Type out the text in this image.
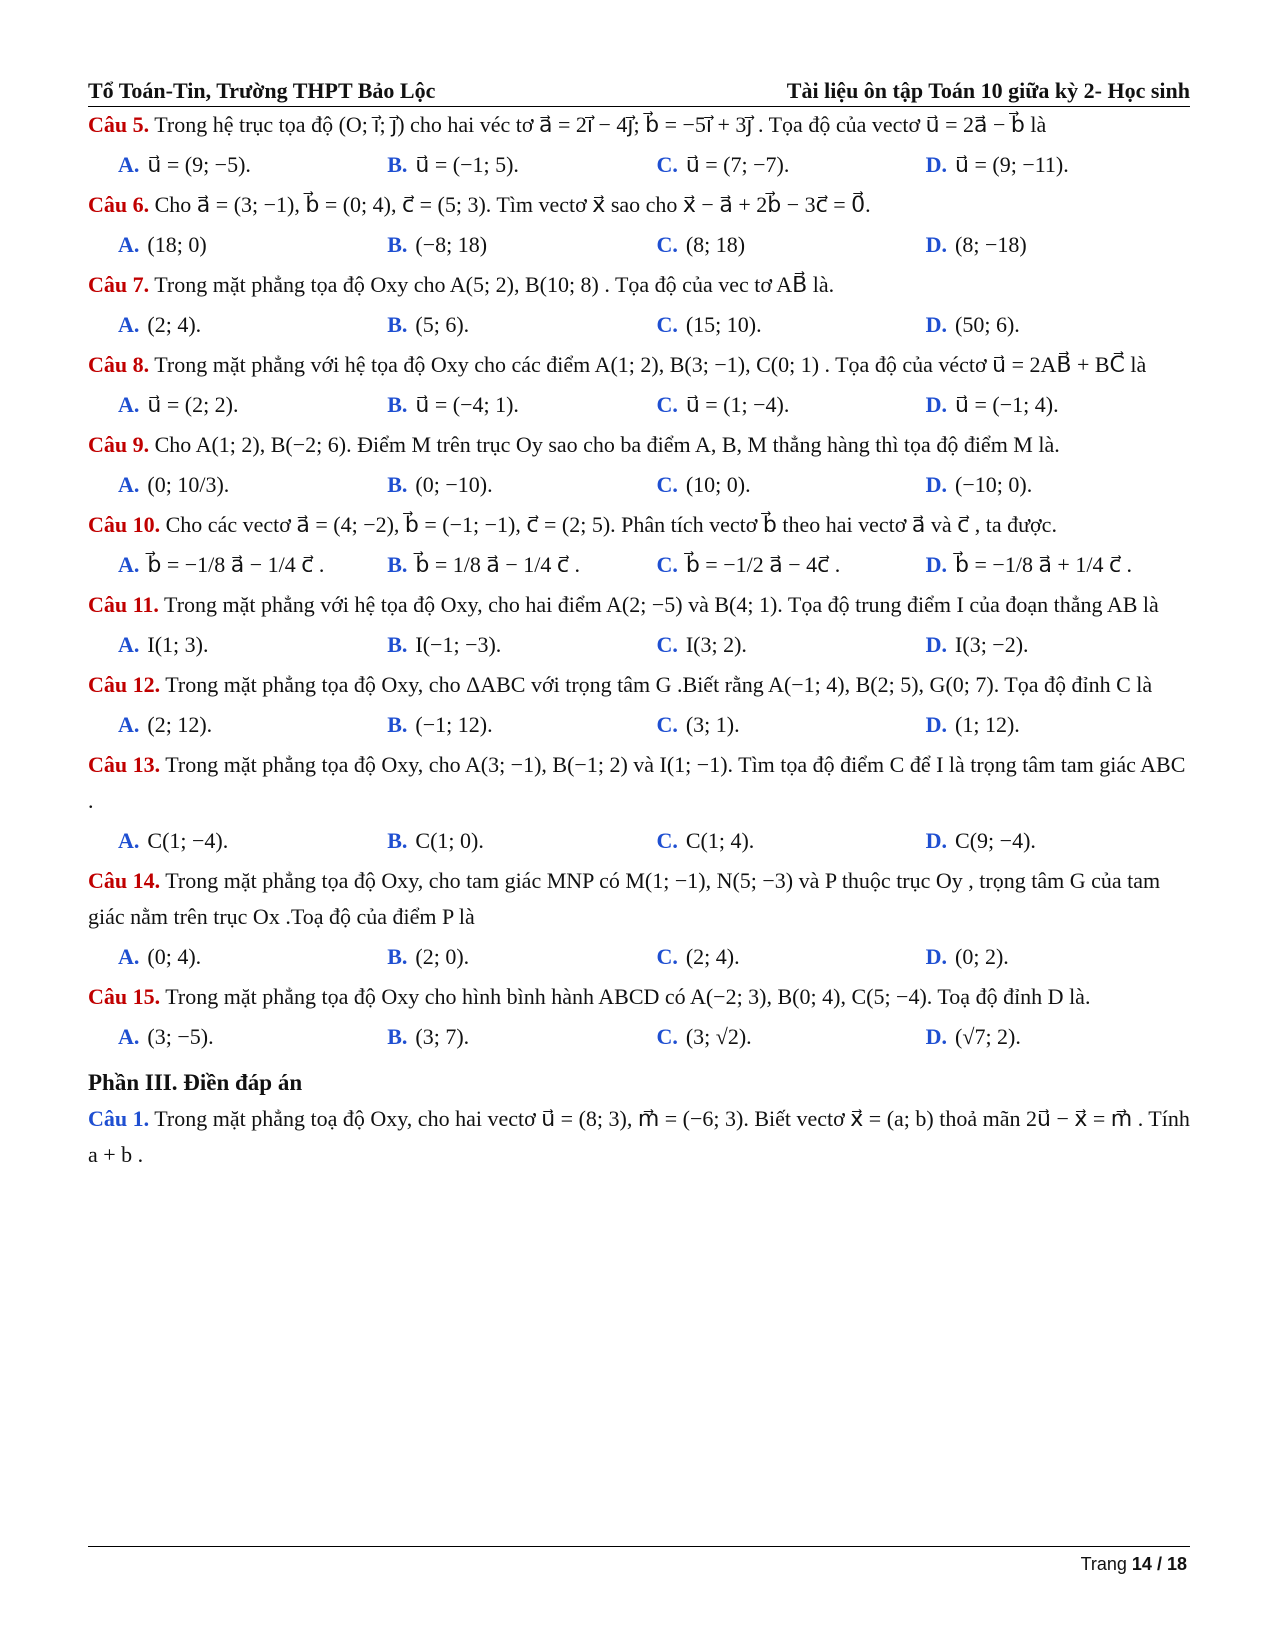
Tổ Toán-Tin, Trường THPT Bảo Lộc	Tài liệu ôn tập Toán 10 giữa kỳ 2- Học sinh

Câu 5. Trong hệ trục tọa độ (O; i⃗; j⃗) cho hai véc tơ a⃗ = 2i⃗ − 4j⃗; b⃗ = −5i⃗ + 3j⃗ . Tọa độ của vectơ u⃗ = 2a⃗ − b⃗ là

A. u⃗ = (9; −5).	B. u⃗ = (−1; 5).	C. u⃗ = (7; −7).	D. u⃗ = (9; −11).

Câu 6. Cho a⃗ = (3; −1), b⃗ = (0; 4), c⃗ = (5; 3). Tìm vectơ x⃗ sao cho x⃗ − a⃗ + 2b⃗ − 3c⃗ = 0⃗.

A. (18; 0)	B. (−8; 18)	C. (8; 18)	D. (8; −18)

Câu 7. Trong mặt phẳng tọa độ Oxy cho A(5; 2), B(10; 8) . Tọa độ của vec tơ AB⃗ là.

A. (2; 4).	B. (5; 6).	C. (15; 10).	D. (50; 6).

Câu 8. Trong mặt phẳng với hệ tọa độ Oxy cho các điểm A(1; 2), B(3; −1), C(0; 1) . Tọa độ của véctơ u⃗ = 2AB⃗ + BC⃗ là

A. u⃗ = (2; 2).	B. u⃗ = (−4; 1).	C. u⃗ = (1; −4).	D. u⃗ = (−1; 4).

Câu 9. Cho A(1; 2), B(−2; 6). Điểm M trên trục Oy sao cho ba điểm A, B, M thẳng hàng thì tọa độ điểm M là.

A. (0; 10/3).	B. (0; −10).	C. (10; 0).	D. (−10; 0).

Câu 10. Cho các vectơ a⃗ = (4; −2), b⃗ = (−1; −1), c⃗ = (2; 5). Phân tích vectơ b⃗ theo hai vectơ a⃗ và c⃗ , ta được.

A. b⃗ = −1/8 a⃗ − 1/4 c⃗ .	B. b⃗ = 1/8 a⃗ − 1/4 c⃗ .	C. b⃗ = −1/2 a⃗ − 4c⃗ .	D. b⃗ = −1/8 a⃗ + 1/4 c⃗ .

Câu 11. Trong mặt phẳng với hệ tọa độ Oxy, cho hai điểm A(2; −5) và B(4; 1). Tọa độ trung điểm I của đoạn thẳng AB là

A. I(1; 3).	B. I(−1; −3).	C. I(3; 2).	D. I(3; −2).

Câu 12. Trong mặt phẳng tọa độ Oxy, cho ΔABC với trọng tâm G .Biết rằng A(−1; 4), B(2; 5), G(0; 7). Tọa độ đỉnh C là

A. (2; 12).	B. (−1; 12).	C. (3; 1).	D. (1; 12).

Câu 13. Trong mặt phẳng tọa độ Oxy, cho A(3; −1), B(−1; 2) và I(1; −1). Tìm tọa độ điểm C để I là trọng tâm tam giác ABC .

A. C(1; −4).	B. C(1; 0).	C. C(1; 4).	D. C(9; −4).

Câu 14. Trong mặt phẳng tọa độ Oxy, cho tam giác MNP có M(1; −1), N(5; −3) và P thuộc trục Oy , trọng tâm G của tam giác nằm trên trục Ox .Toạ độ của điểm P là

A. (0; 4).	B. (2; 0).	C. (2; 4).	D. (0; 2).

Câu 15. Trong mặt phẳng tọa độ Oxy cho hình bình hành ABCD có A(−2; 3), B(0; 4), C(5; −4). Toạ độ đỉnh D là.

A. (3; −5).	B. (3; 7).	C. (3; √2).	D. (√7; 2).
Phần III. Điền đáp án

Câu 1. Trong mặt phẳng toạ độ Oxy, cho hai vectơ u⃗ = (8; 3), m⃗ = (−6; 3). Biết vectơ x⃗ = (a; b) thoả mãn 2u⃗ − x⃗ = m⃗ . Tính a + b .

Trang 14 / 18
